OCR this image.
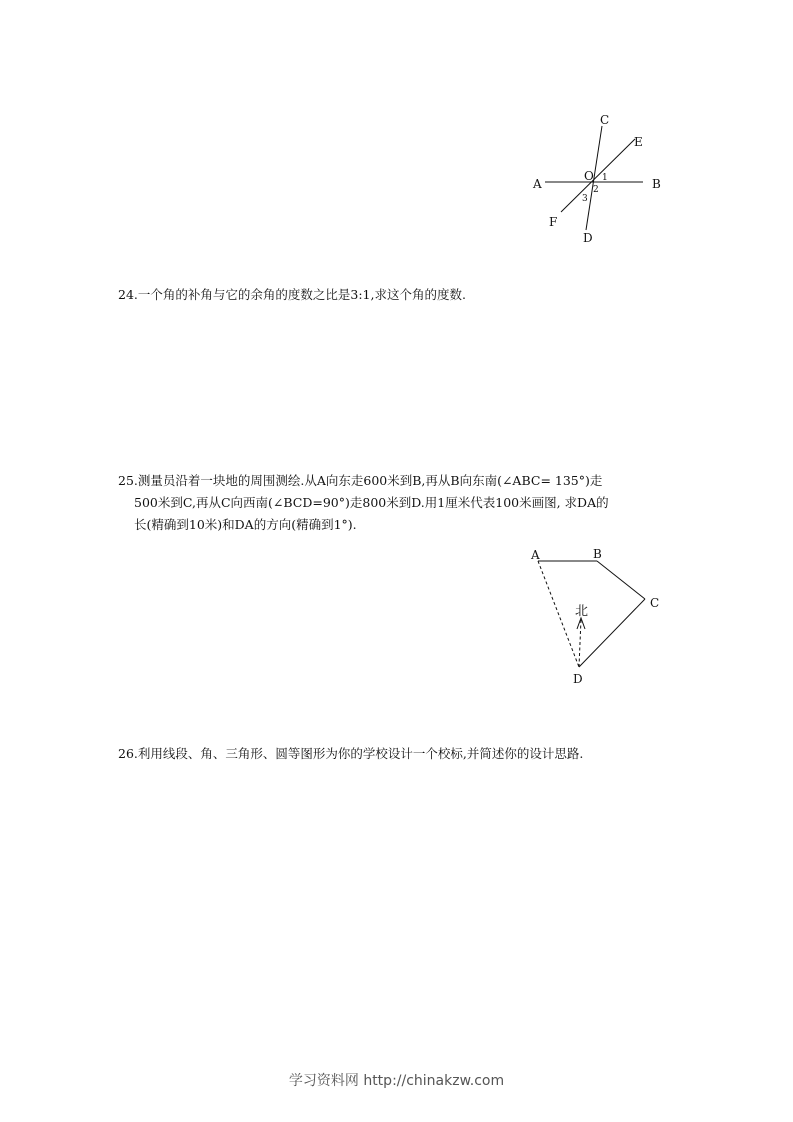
A	B
C
D
E
F
O 1
2
3

24.一个角的补角与它的余角的度数之比是3:1,求这个角的度数.

25.测量员沿着一块地的周围测绘.从A向东走600米到B,再从B向东南(∠ABC= 135°)走
500米到C,再从C向西南(∠BCD=90°)走800米到D.用1厘米代表100米画图, 求DA的
长(精确到10米)和DA的方向(精确到1°).

A	B
C
D
北

26.利用线段、角、三角形、圆等图形为你的学校设计一个校标,并简述你的设计思路.

学习资料网 http://chinakzw.com
